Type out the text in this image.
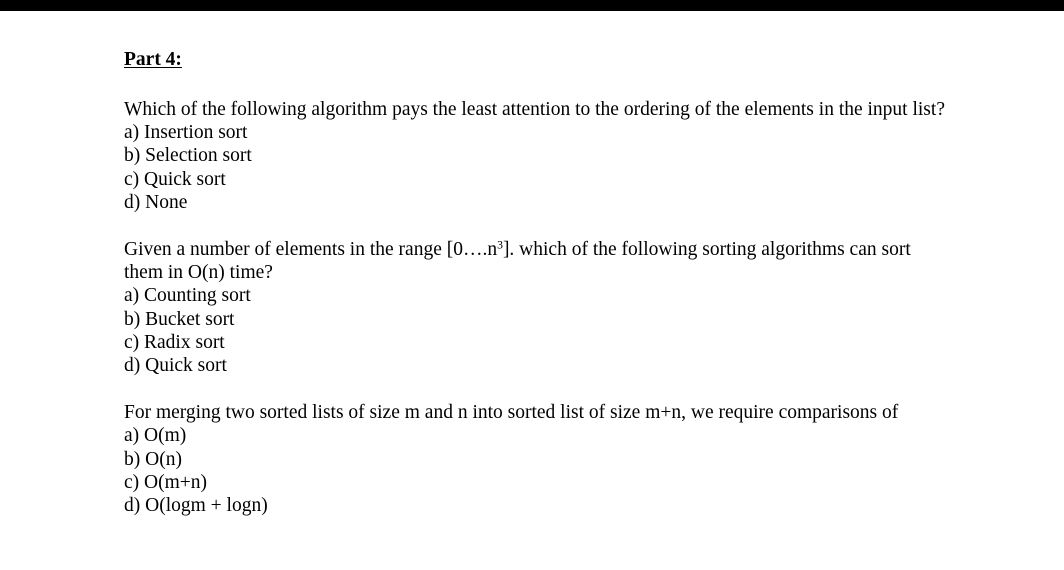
Part 4:

Which of the following algorithm pays the least attention to the ordering of the elements in the input list?

a) Insertion sort

b) Selection sort

c) Quick sort

d) None

Given a number of elements in the range $[0\dots.n^3]$. which of the following sorting algorithms can sort them in O(n) time?

a) Counting sort

b) Bucket sort

c) Radix sort

d) Quick sort

For merging two sorted lists of size m and n into sorted list of size m+n, we require comparisons of

a) O(m)

b) O(n)

c) O(m+n)

d) O(logm + logn)
